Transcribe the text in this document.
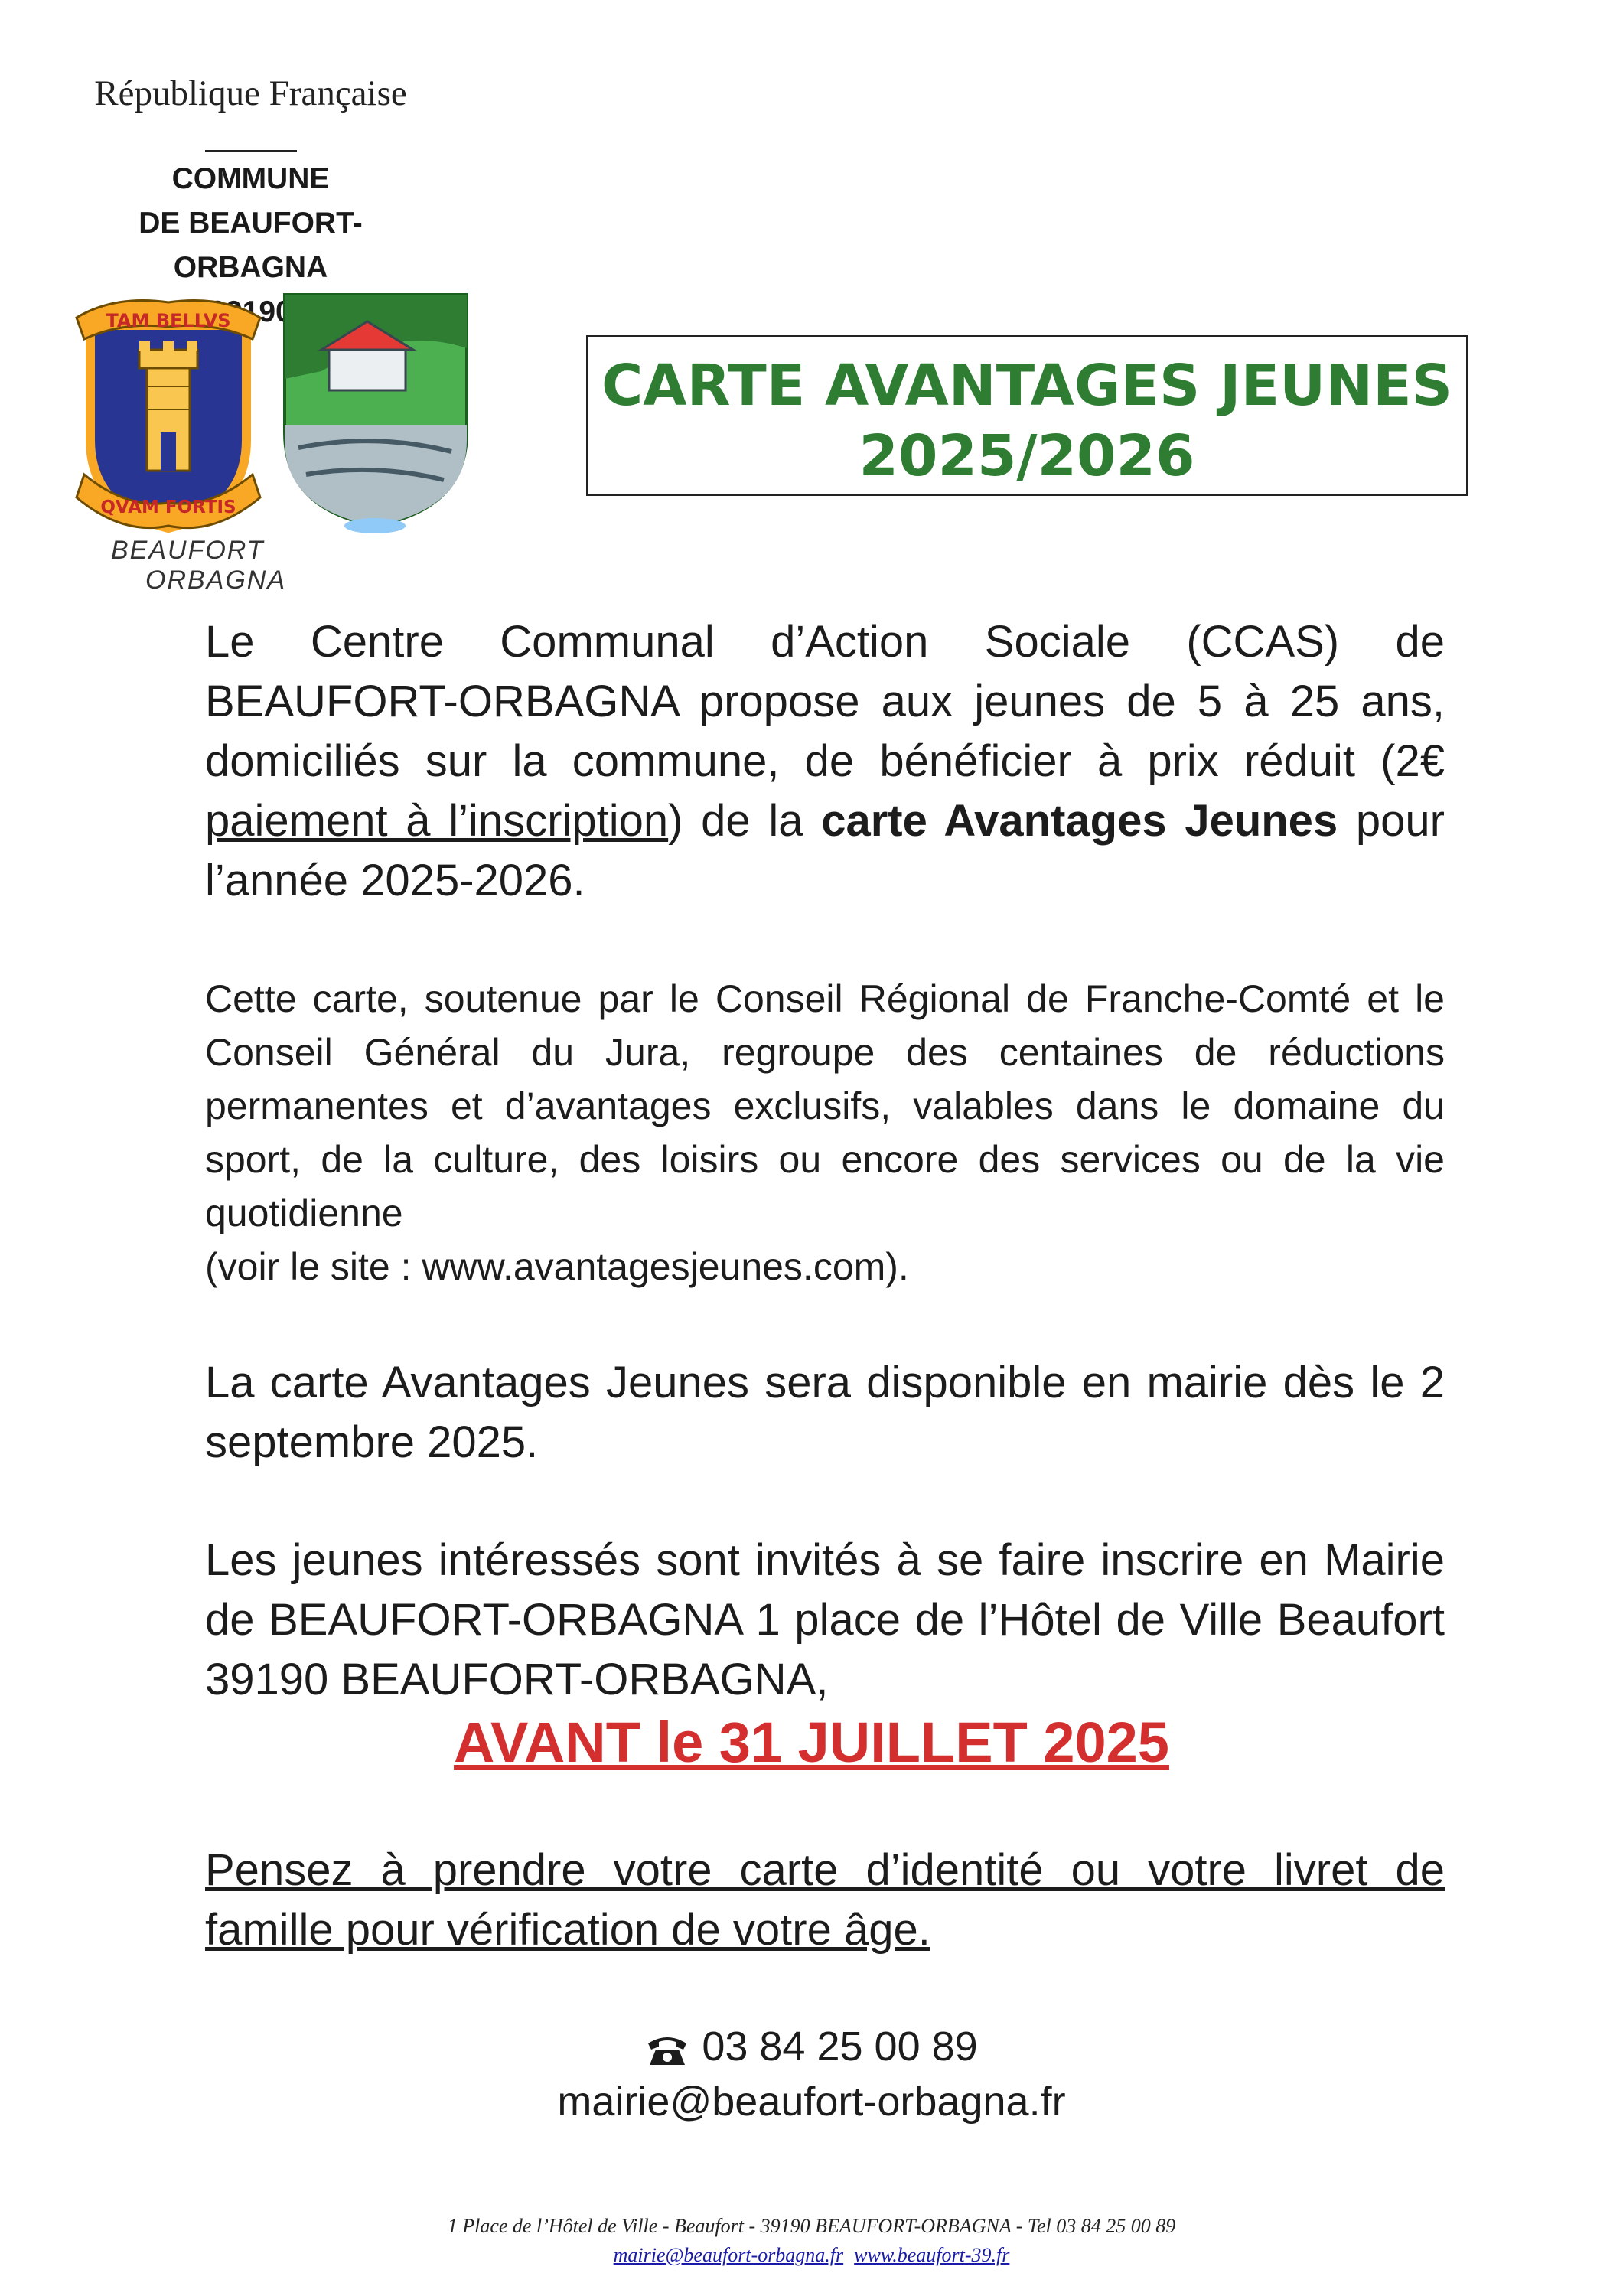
République Française
COMMUNE
DE BEAUFORT-ORBAGNA
TAM BELLVS
QVAM FORTIS
BEAUFORTORBAGNA
CARTE AVANTAGES JEUNES
2025/2026
Le Centre Communal d’Action Sociale (CCAS) de BEAUFORT-ORBAGNA propose aux jeunes de 5 à 25 ans, domiciliés sur la commune, de bénéficier à prix réduit (2€ paiement à l’inscription) de la carte Avantages Jeunes pour l’année 2025-2026.
Cette carte, soutenue par le Conseil Régional de Franche-Comté et le Conseil Général du Jura, regroupe des centaines de réductions permanentes et d’avantages exclusifs, valables dans le domaine du sport, de la culture, des loisirs ou encore des services ou de la vie quotidienne
(voir le site : www.avantagesjeunes.com).
La carte Avantages Jeunes sera disponible en mairie dès le 2 septembre 2025.
Les jeunes intéressés sont invités à se faire inscrire en Mairie de BEAUFORT-ORBAGNA 1 place de l’Hôtel de Ville Beaufort 39190 BEAUFORT-ORBAGNA,
AVANT le 31 JUILLET 2025
Pensez à prendre votre carte d’identité ou votre livret de famille pour vérification de votre âge.
03 84 25 00 89
mairie@beaufort-orbagna.fr
1 Place de l’Hôtel de Ville - Beaufort - 39190 BEAUFORT-ORBAGNA - Tel 03 84 25 00 89
mairie@beaufort-orbagna.fr www.beaufort-39.fr
